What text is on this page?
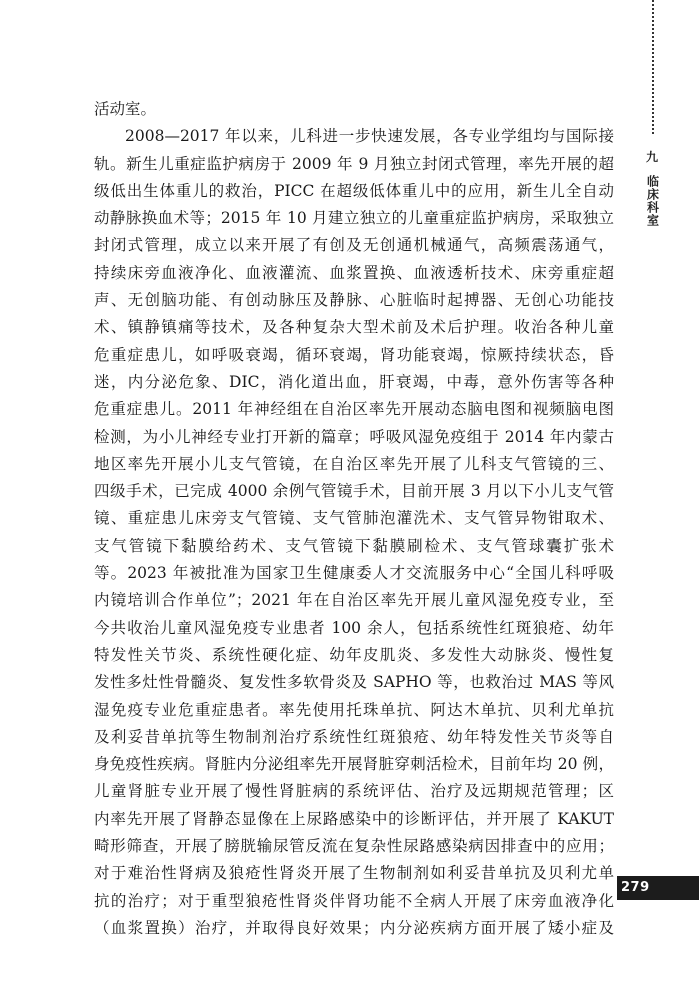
活动室。
2008—2017 年以来，儿科进一步快速发展，各专业学组均与国际接
轨。新生儿重症监护病房于 2009 年 9 月独立封闭式管理，率先开展的超
级低出生体重儿的救治，PICC 在超级低体重儿中的应用，新生儿全自动
动静脉换血术等；2015 年 10 月建立独立的儿童重症监护病房，采取独立
封闭式管理，成立以来开展了有创及无创通机械通气，高频震荡通气，
持续床旁血液净化、血液灌流、血浆置换、血液透析技术、床旁重症超
声、无创脑功能、有创动脉压及静脉、心脏临时起搏器、无创心功能技
术、镇静镇痛等技术，及各种复杂大型术前及术后护理。收治各种儿童
危重症患儿，如呼吸衰竭，循环衰竭，肾功能衰竭，惊厥持续状态，昏
迷，内分泌危象、DIC，消化道出血，肝衰竭，中毒，意外伤害等各种
危重症患儿。2011 年神经组在自治区率先开展动态脑电图和视频脑电图
检测，为小儿神经专业打开新的篇章；呼吸风湿免疫组于 2014 年内蒙古
地区率先开展小儿支气管镜，在自治区率先开展了儿科支气管镜的三、
四级手术，已完成 4000 余例气管镜手术，目前开展 3 月以下小儿支气管
镜、重症患儿床旁支气管镜、支气管肺泡灌洗术、支气管异物钳取术、
支气管镜下黏膜给药术、支气管镜下黏膜刷检术、支气管球囊扩张术
等。2023 年被批准为国家卫生健康委人才交流服务中心“全国儿科呼吸
内镜培训合作单位”；2021 年在自治区率先开展儿童风湿免疫专业，至
今共收治儿童风湿免疫专业患者 100 余人，包括系统性红斑狼疮、幼年
特发性关节炎、系统性硬化症、幼年皮肌炎、多发性大动脉炎、慢性复
发性多灶性骨髓炎、复发性多软骨炎及 SAPHO 等，也救治过 MAS 等风
湿免疫专业危重症患者。率先使用托珠单抗、阿达木单抗、贝利尤单抗
及利妥昔单抗等生物制剂治疗系统性红斑狼疮、幼年特发性关节炎等自
身免疫性疾病。肾脏内分泌组率先开展肾脏穿刺活检术，目前年均 20 例，
儿童肾脏专业开展了慢性肾脏病的系统评估、治疗及远期规范管理；区
内率先开展了肾静态显像在上尿路感染中的诊断评估，并开展了 KAKUT
畸形筛查，开展了膀胱输尿管反流在复杂性尿路感染病因排查中的应用；
对于难治性肾病及狼疮性肾炎开展了生物制剂如利妥昔单抗及贝利尤单
抗的治疗；对于重型狼疮性肾炎伴肾功能不全病人开展了床旁血液净化
（血浆置换）治疗，并取得良好效果；内分泌疾病方面开展了矮小症及
九
临床科室
279
